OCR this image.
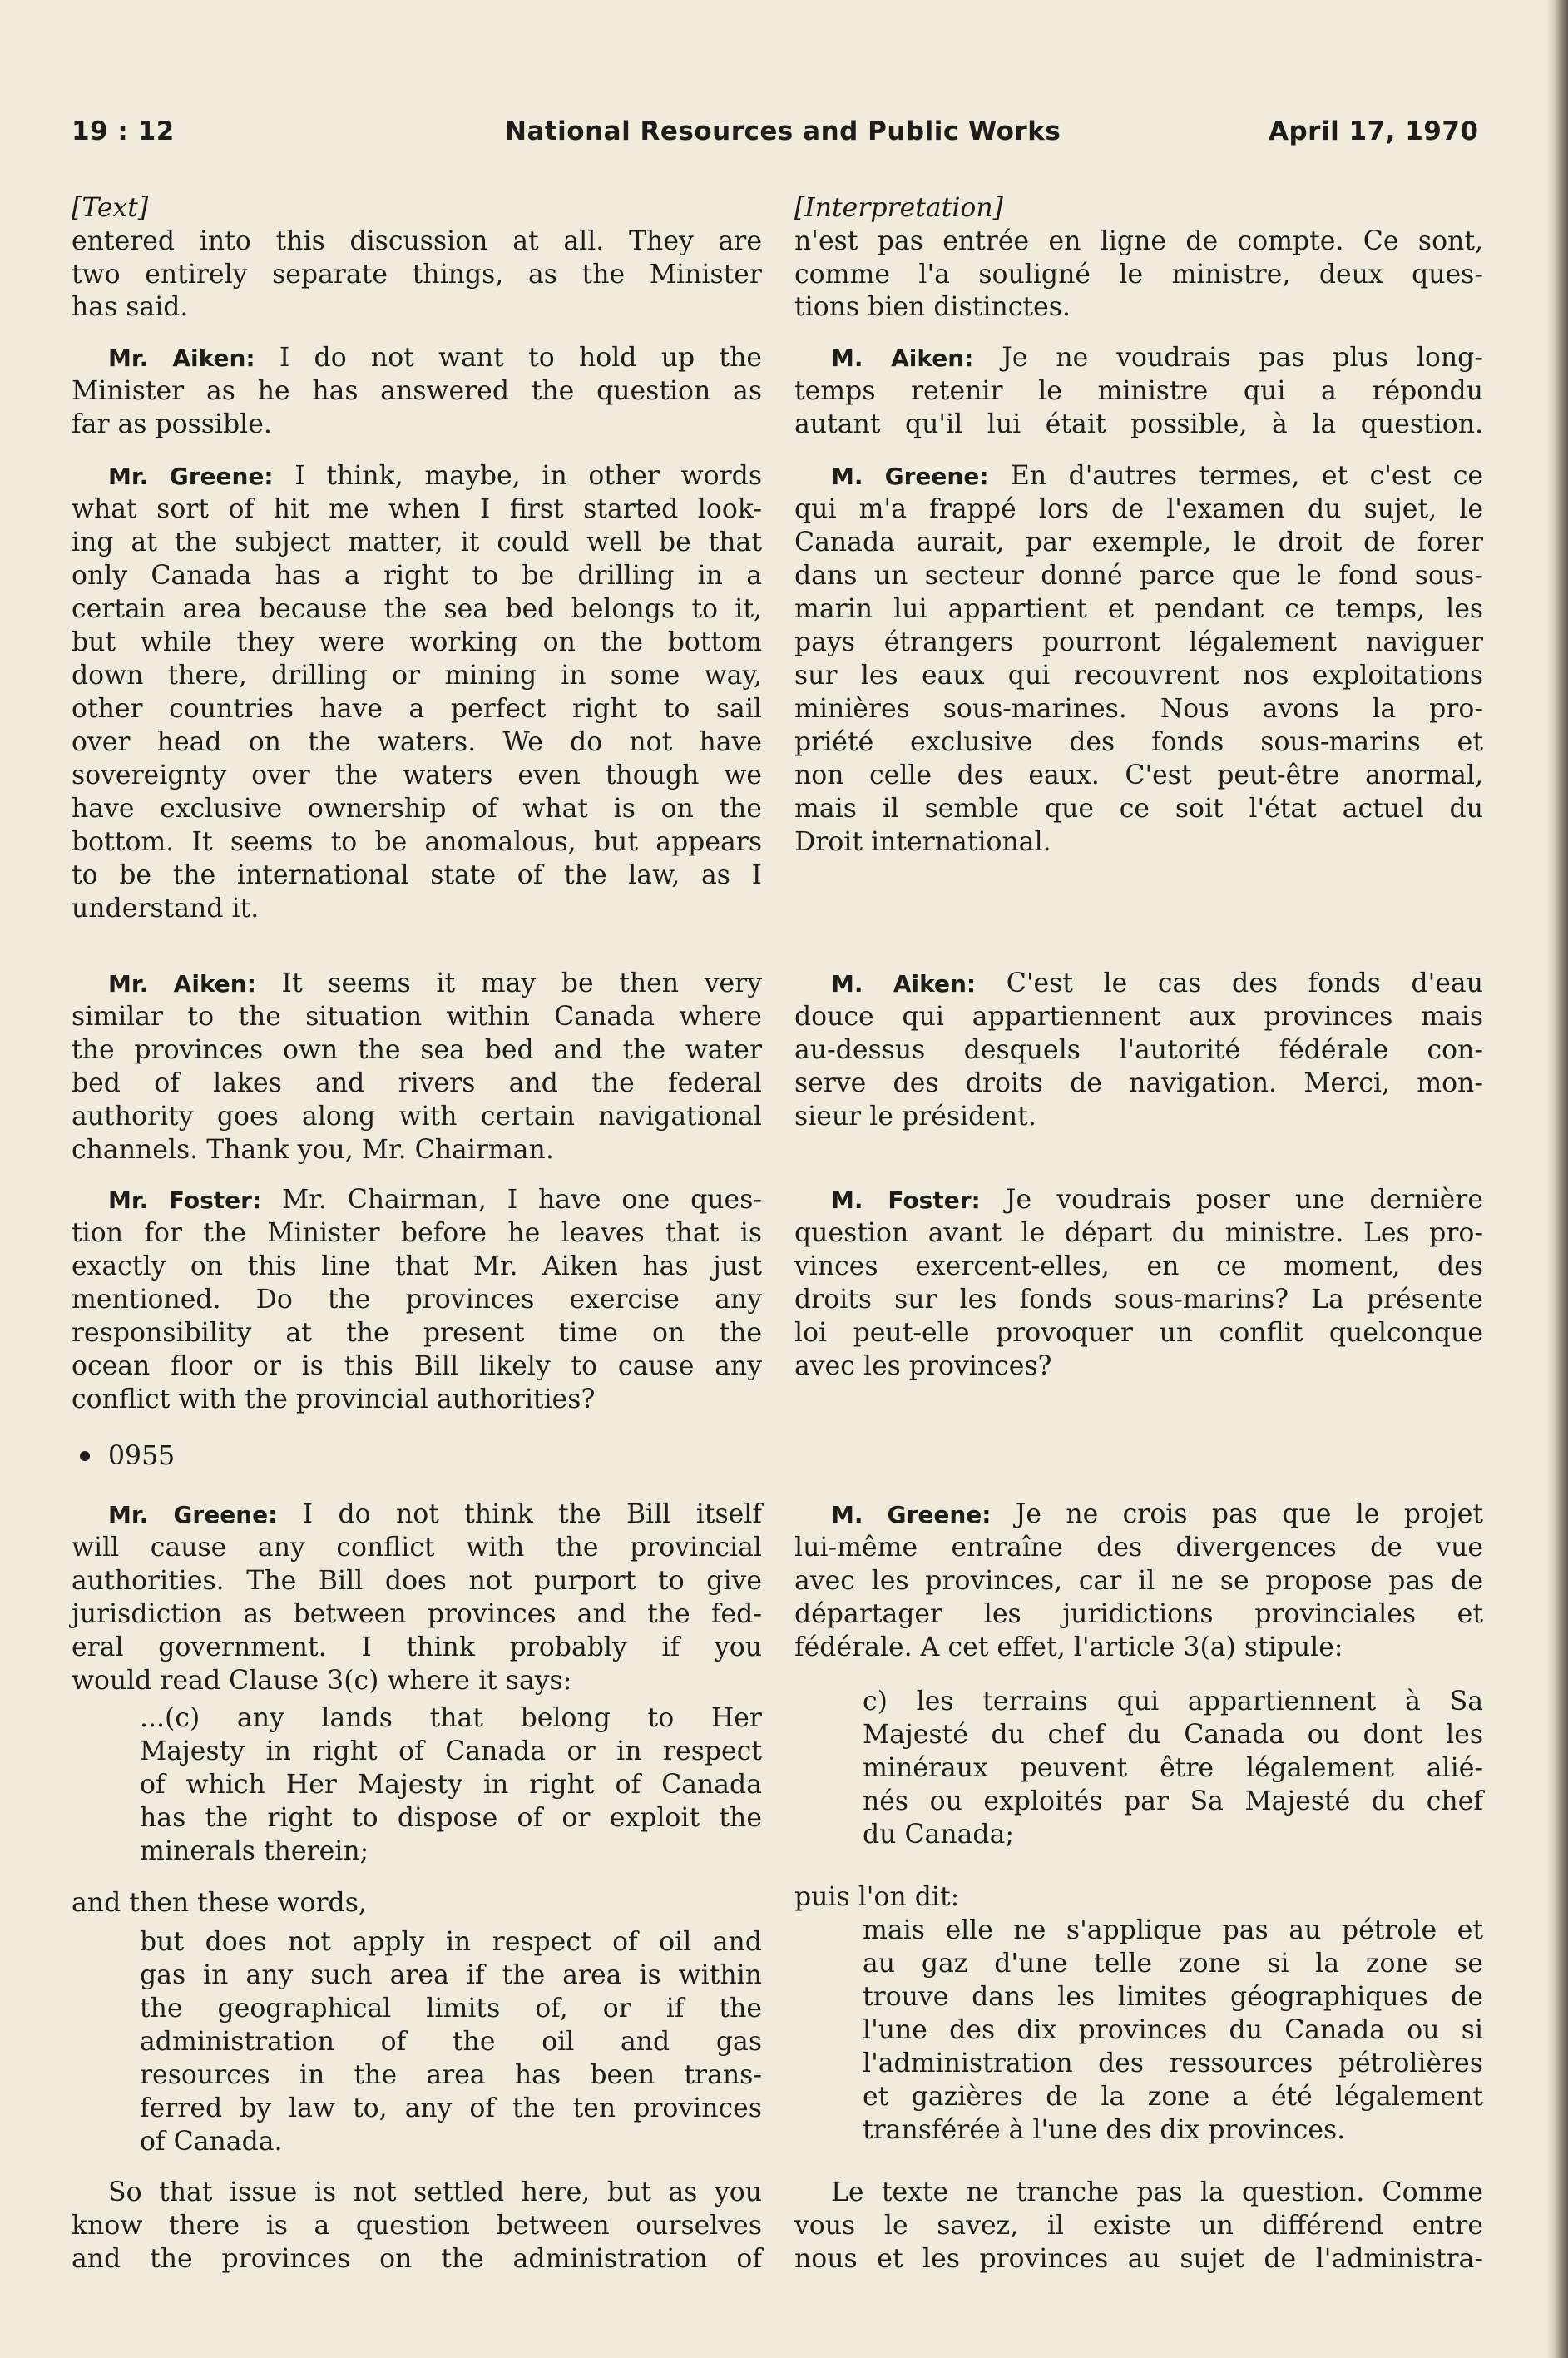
19 : 12	National Resources and Public Works	April 17, 1970
[Text]
entered into this discussion at all. They are
two entirely separate things, as the Minister
has said.
Mr. Aiken: I do not want to hold up the
Minister as he has answered the question as
far as possible.
Mr. Greene: I think, maybe, in other words
what sort of hit me when I first started look-
ing at the subject matter, it could well be that
only Canada has a right to be drilling in a
certain area because the sea bed belongs to it,
but while they were working on the bottom
down there, drilling or mining in some way,
other countries have a perfect right to sail
over head on the waters. We do not have
sovereignty over the waters even though we
have exclusive ownership of what is on the
bottom. It seems to be anomalous, but appears
to be the international state of the law, as I
understand it.
Mr. Aiken: It seems it may be then very
similar to the situation within Canada where
the provinces own the sea bed and the water
bed of lakes and rivers and the federal
authority goes along with certain navigational
channels. Thank you, Mr. Chairman.
Mr. Foster: Mr. Chairman, I have one ques-
tion for the Minister before he leaves that is
exactly on this line that Mr. Aiken has just
mentioned. Do the provinces exercise any
responsibility at the present time on the
ocean floor or is this Bill likely to cause any
conflict with the provincial authorities?
0955
Mr. Greene: I do not think the Bill itself
will cause any conflict with the provincial
authorities. The Bill does not purport to give
jurisdiction as between provinces and the fed-
eral government. I think probably if you
would read Clause 3(c) where it says:
...(c) any lands that belong to Her
Majesty in right of Canada or in respect
of which Her Majesty in right of Canada
has the right to dispose of or exploit the
minerals therein;
and then these words,
but does not apply in respect of oil and
gas in any such area if the area is within
the geographical limits of, or if the
administration of the oil and gas
resources in the area has been trans-
ferred by law to, any of the ten provinces
of Canada.
So that issue is not settled here, but as you
know there is a question between ourselves
and the provinces on the administration of
[Interpretation]
n'est pas entrée en ligne de compte. Ce sont,
comme l'a souligné le ministre, deux ques-
tions bien distinctes.
M. Aiken: Je ne voudrais pas plus long-
temps retenir le ministre qui a répondu
autant qu'il lui était possible, à la question.
M. Greene: En d'autres termes, et c'est ce
qui m'a frappé lors de l'examen du sujet, le
Canada aurait, par exemple, le droit de forer
dans un secteur donné parce que le fond sous-
marin lui appartient et pendant ce temps, les
pays étrangers pourront légalement naviguer
sur les eaux qui recouvrent nos exploitations
minières sous-marines. Nous avons la pro-
priété exclusive des fonds sous-marins et
non celle des eaux. C'est peut-être anormal,
mais il semble que ce soit l'état actuel du
Droit international.
M. Aiken: C'est le cas des fonds d'eau
douce qui appartiennent aux provinces mais
au-dessus desquels l'autorité fédérale con-
serve des droits de navigation. Merci, mon-
sieur le président.
M. Foster: Je voudrais poser une dernière
question avant le départ du ministre. Les pro-
vinces exercent-elles, en ce moment, des
droits sur les fonds sous-marins? La présente
loi peut-elle provoquer un conflit quelconque
avec les provinces?
M. Greene: Je ne crois pas que le projet
lui-même entraîne des divergences de vue
avec les provinces, car il ne se propose pas de
départager les juridictions provinciales et
fédérale. A cet effet, l'article 3(a) stipule:
c) les terrains qui appartiennent à Sa
Majesté du chef du Canada ou dont les
minéraux peuvent être légalement alié-
nés ou exploités par Sa Majesté du chef
du Canada;
puis l'on dit:
mais elle ne s'applique pas au pétrole et
au gaz d'une telle zone si la zone se
trouve dans les limites géographiques de
l'une des dix provinces du Canada ou si
l'administration des ressources pétrolières
et gazières de la zone a été légalement
transférée à l'une des dix provinces.
Le texte ne tranche pas la question. Comme
vous le savez, il existe un différend entre
nous et les provinces au sujet de l'administra-
